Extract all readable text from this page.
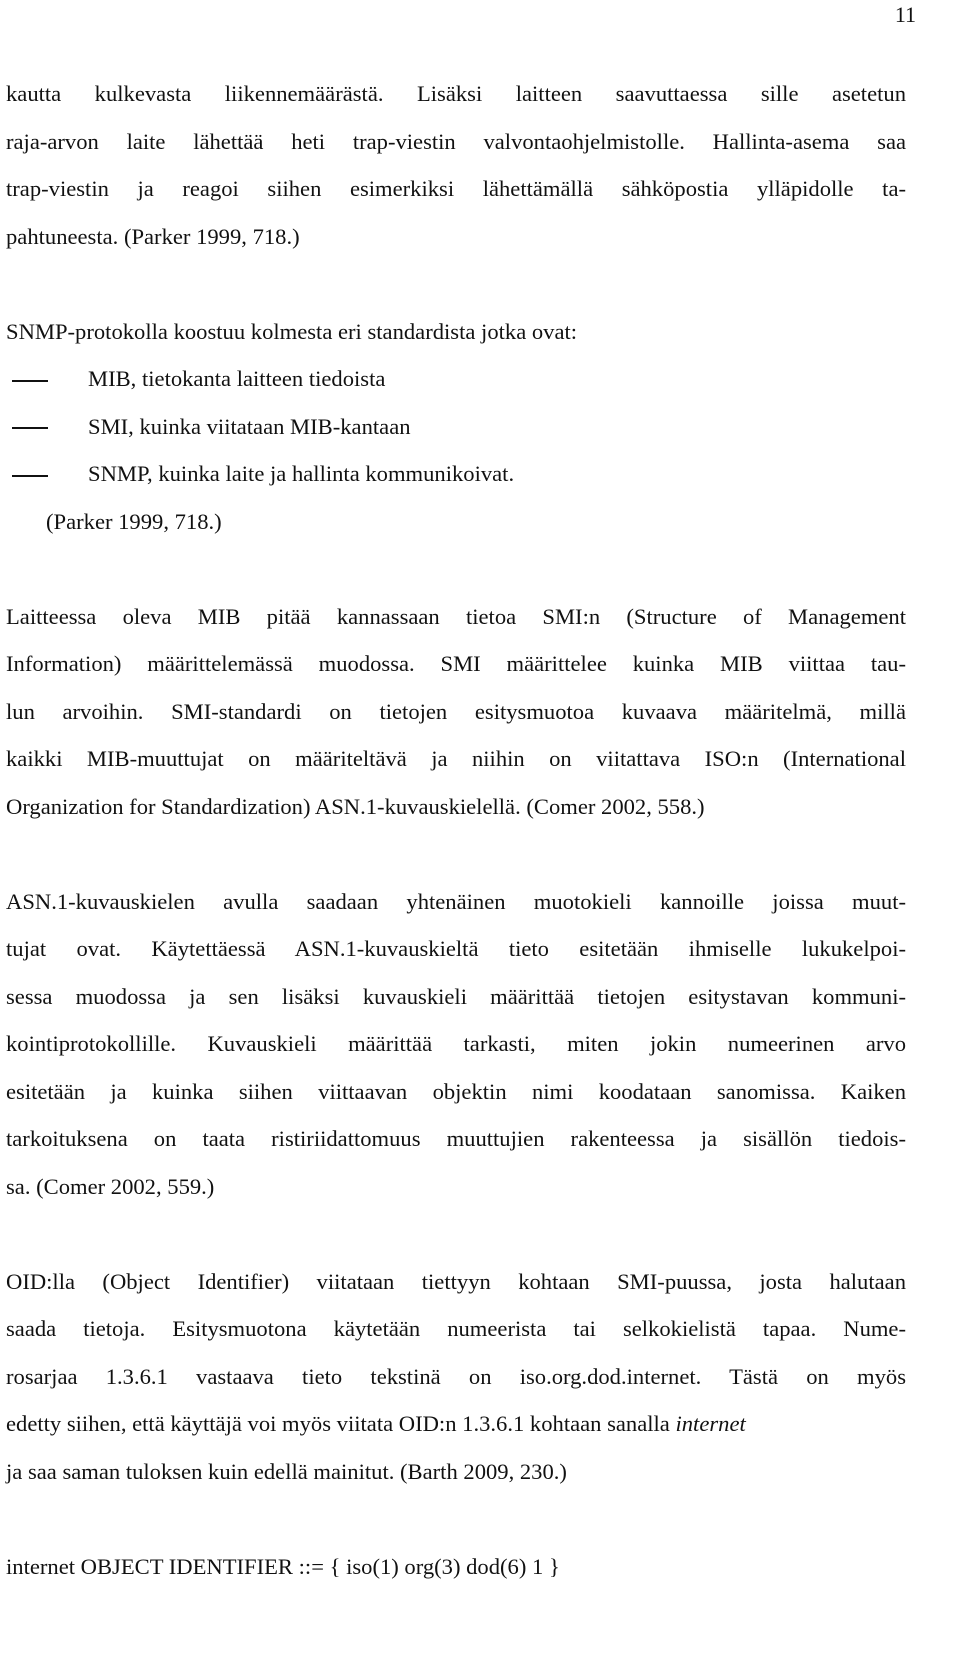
11
kautta kulkevasta liikennemäärästä. Lisäksi laitteen saavuttaessa sille asetetun
raja-arvon laite lähettää heti trap-viestin valvontaohjelmistolle. Hallinta-asema saa
trap-viestin ja reagoi siihen esimerkiksi lähettämällä sähköpostia ylläpidolle ta-
pahtuneesta. (Parker 1999, 718.)
SNMP-protokolla koostuu kolmesta eri standardista jotka ovat:
MIB, tietokanta laitteen tiedoista
SMI, kuinka viitataan MIB-kantaan
SNMP, kuinka laite ja hallinta kommunikoivat.
(Parker 1999, 718.)
Laitteessa oleva MIB pitää kannassaan tietoa SMI:n (Structure of Management
Information) määrittelemässä muodossa. SMI määrittelee kuinka MIB viittaa tau-
lun arvoihin. SMI-standardi on tietojen esitysmuotoa kuvaava määritelmä, millä
kaikki MIB-muuttujat on määriteltävä ja niihin on viitattava ISO:n (International
Organization for Standardization) ASN.1-kuvauskielellä. (Comer 2002, 558.)
ASN.1-kuvauskielen avulla saadaan yhtenäinen muotokieli kannoille joissa muut-
tujat ovat. Käytettäessä ASN.1-kuvauskieltä tieto esitetään ihmiselle lukukelpoi-
sessa muodossa ja sen lisäksi kuvauskieli määrittää tietojen esitystavan kommuni-
kointiprotokollille. Kuvauskieli määrittää tarkasti, miten jokin numeerinen arvo
esitetään ja kuinka siihen viittaavan objektin nimi koodataan sanomissa. Kaiken
tarkoituksena on taata ristiriidattomuus muuttujien rakenteessa ja sisällön tiedois-
sa. (Comer 2002, 559.)
OID:lla (Object Identifier) viitataan tiettyyn kohtaan SMI-puussa, josta halutaan
saada tietoja. Esitysmuotona käytetään numeerista tai selkokielistä tapaa. Nume-
rosarjaa 1.3.6.1 vastaava tieto tekstinä on iso.org.dod.internet. Tästä on myös
edetty siihen, että käyttäjä voi myös viitata OID:n 1.3.6.1 kohtaan sanalla internet
ja saa saman tuloksen kuin edellä mainitut. (Barth 2009, 230.)
internet OBJECT IDENTIFIER ::= { iso(1) org(3) dod(6) 1 }
